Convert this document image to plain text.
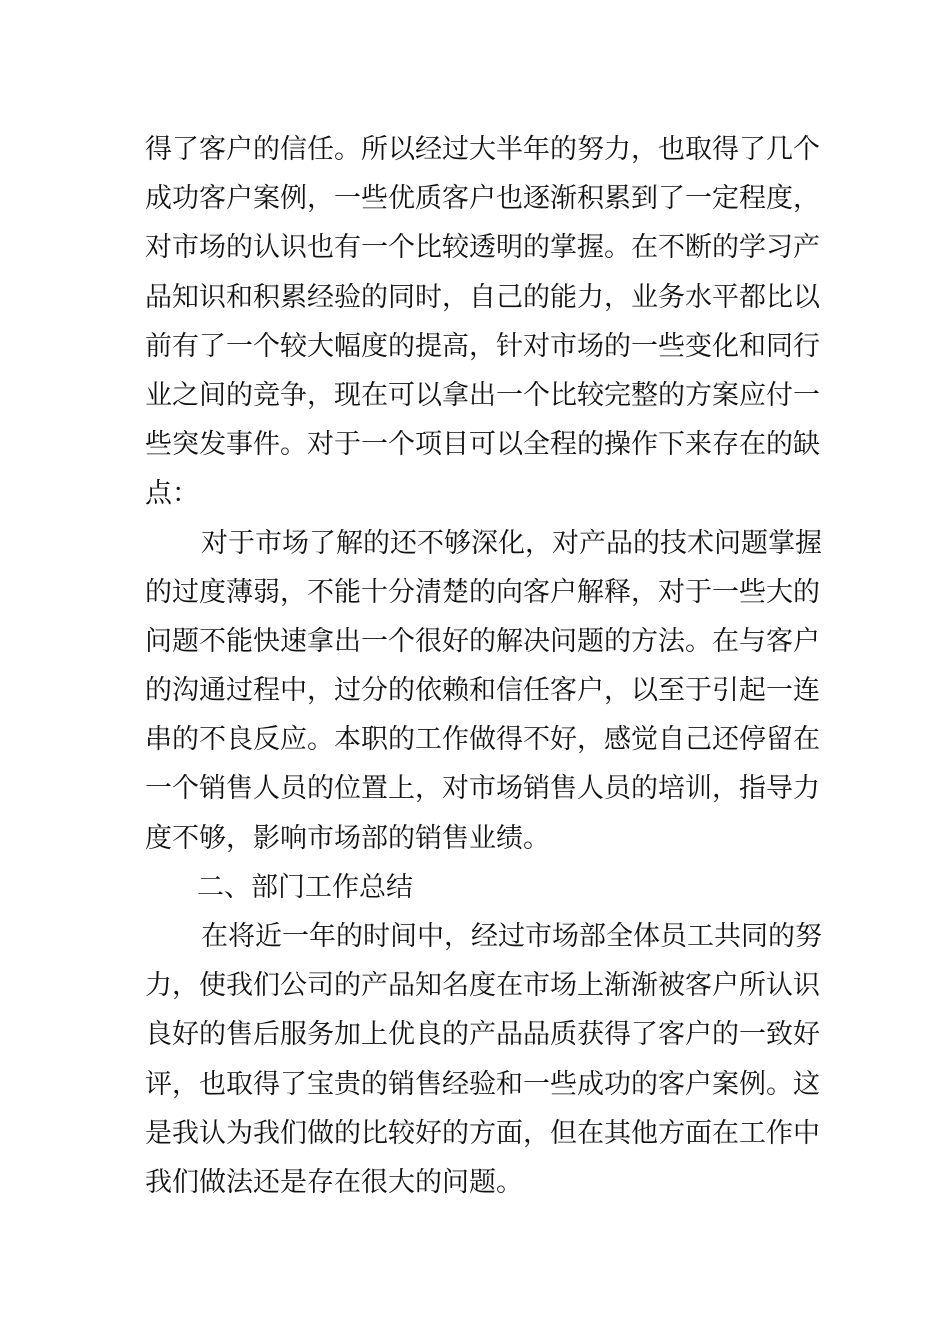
得了客户的信任。所以经过大半年的努力，也取得了几个
成功客户案例，一些优质客户也逐渐积累到了一定程度，
对市场的认识也有一个比较透明的掌握。在不断的学习产
品知识和积累经验的同时，自己的能力，业务水平都比以
前有了一个较大幅度的提高，针对市场的一些变化和同行
业之间的竞争，现在可以拿出一个比较完整的方案应付一
些突发事件。对于一个项目可以全程的操作下来存在的缺
点：
对于市场了解的还不够深化，对产品的技术问题掌握
的过度薄弱，不能十分清楚的向客户解释，对于一些大的
问题不能快速拿出一个很好的解决问题的方法。在与客户
的沟通过程中，过分的依赖和信任客户，以至于引起一连
串的不良反应。本职的工作做得不好，感觉自己还停留在
一个销售人员的位置上，对市场销售人员的培训，指导力
度不够，影响市场部的销售业绩。
二、部门工作总结
在将近一年的时间中，经过市场部全体员工共同的努
力，使我们公司的产品知名度在市场上渐渐被客户所认识
良好的售后服务加上优良的产品品质获得了客户的一致好
评，也取得了宝贵的销售经验和一些成功的客户案例。这
是我认为我们做的比较好的方面，但在其他方面在工作中
我们做法还是存在很大的问题。
